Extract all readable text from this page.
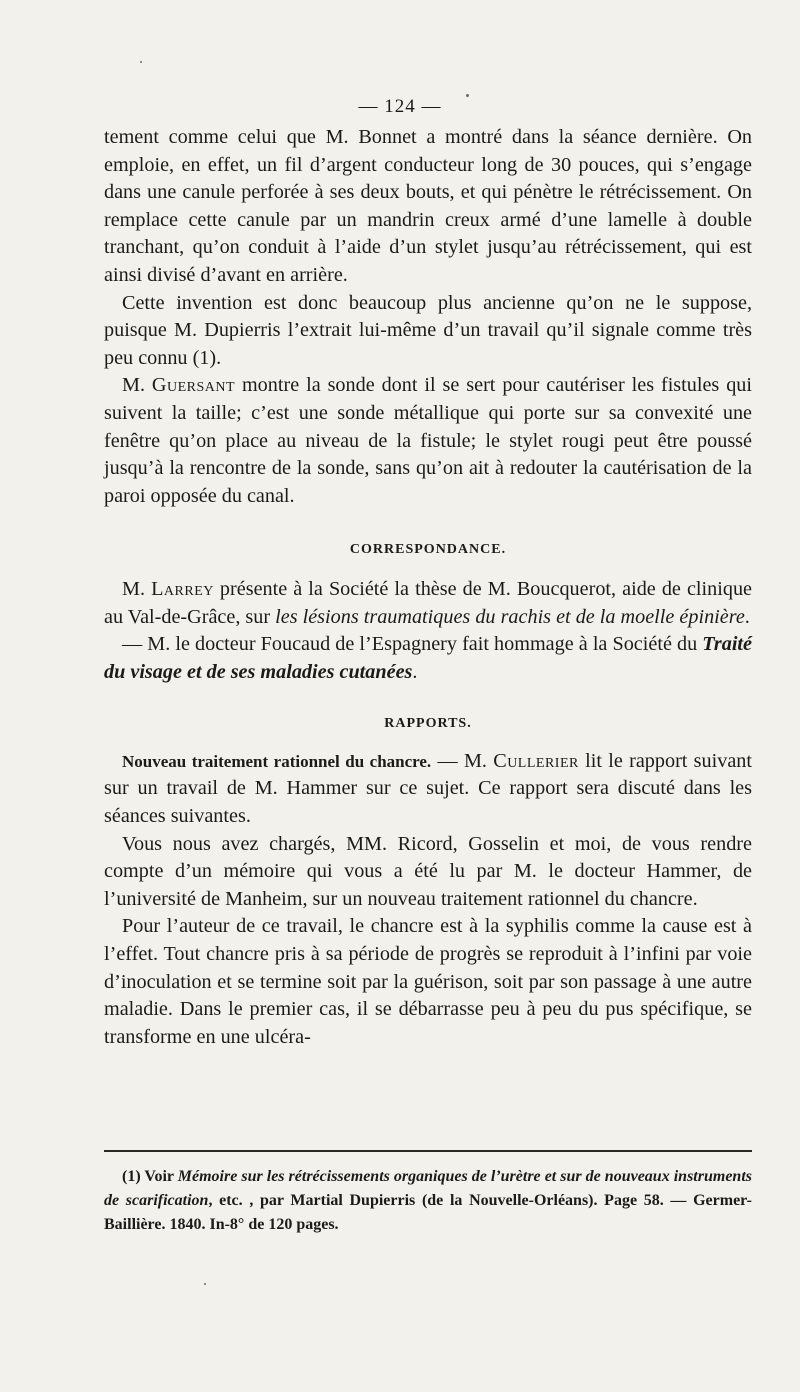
— 124 —

tement comme celui que M. Bonnet a montré dans la séance dernière. On emploie, en effet, un fil d’argent conducteur long de 30 pouces, qui s’engage dans une canule perforée à ses deux bouts, et qui pénètre le rétrécissement. On remplace cette canule par un mandrin creux armé d’une lamelle à double tranchant, qu’on conduit à l’aide d’un stylet jusqu’au rétrécissement, qui est ainsi divisé d’avant en arrière.

Cette invention est donc beaucoup plus ancienne qu’on ne le suppose, puisque M. Dupierris l’extrait lui-même d’un travail qu’il signale comme très peu connu (1).

M. Guersant montre la sonde dont il se sert pour cautériser les fistules qui suivent la taille; c’est une sonde métallique qui porte sur sa convexité une fenêtre qu’on place au niveau de la fistule; le stylet rougi peut être poussé jusqu’à la rencontre de la sonde, sans qu’on ait à redouter la cautérisation de la paroi opposée du canal.

CORRESPONDANCE.

M. Larrey présente à la Société la thèse de M. Boucquerot, aide de clinique au Val-de-Grâce, sur les lésions traumatiques du rachis et de la moelle épinière.

— M. le docteur Foucaud de l’Espagnery fait hommage à la Société du Traité du visage et de ses maladies cutanées.

RAPPORTS.

Nouveau traitement rationnel du chancre. — M. Cullerier lit le rapport suivant sur un travail de M. Hammer sur ce sujet. Ce rapport sera discuté dans les séances suivantes.

Vous nous avez chargés, MM. Ricord, Gosselin et moi, de vous rendre compte d’un mémoire qui vous a été lu par M. le docteur Hammer, de l’université de Manheim, sur un nouveau traitement rationnel du chancre.

Pour l’auteur de ce travail, le chancre est à la syphilis comme la cause est à l’effet. Tout chancre pris à sa période de progrès se reproduit à l’infini par voie d’inoculation et se termine soit par la guérison, soit par son passage à une autre maladie. Dans le premier cas, il se débarrasse peu à peu du pus spécifique, se transforme en une ulcéra-

(1) Voir Mémoire sur les rétrécissements organiques de l’urètre et sur de nouveaux instruments de scarification, etc. , par Martial Dupierris (de la Nouvelle-Orléans). Page 58. — Germer-Baillière. 1840. In-8° de 120 pages.
